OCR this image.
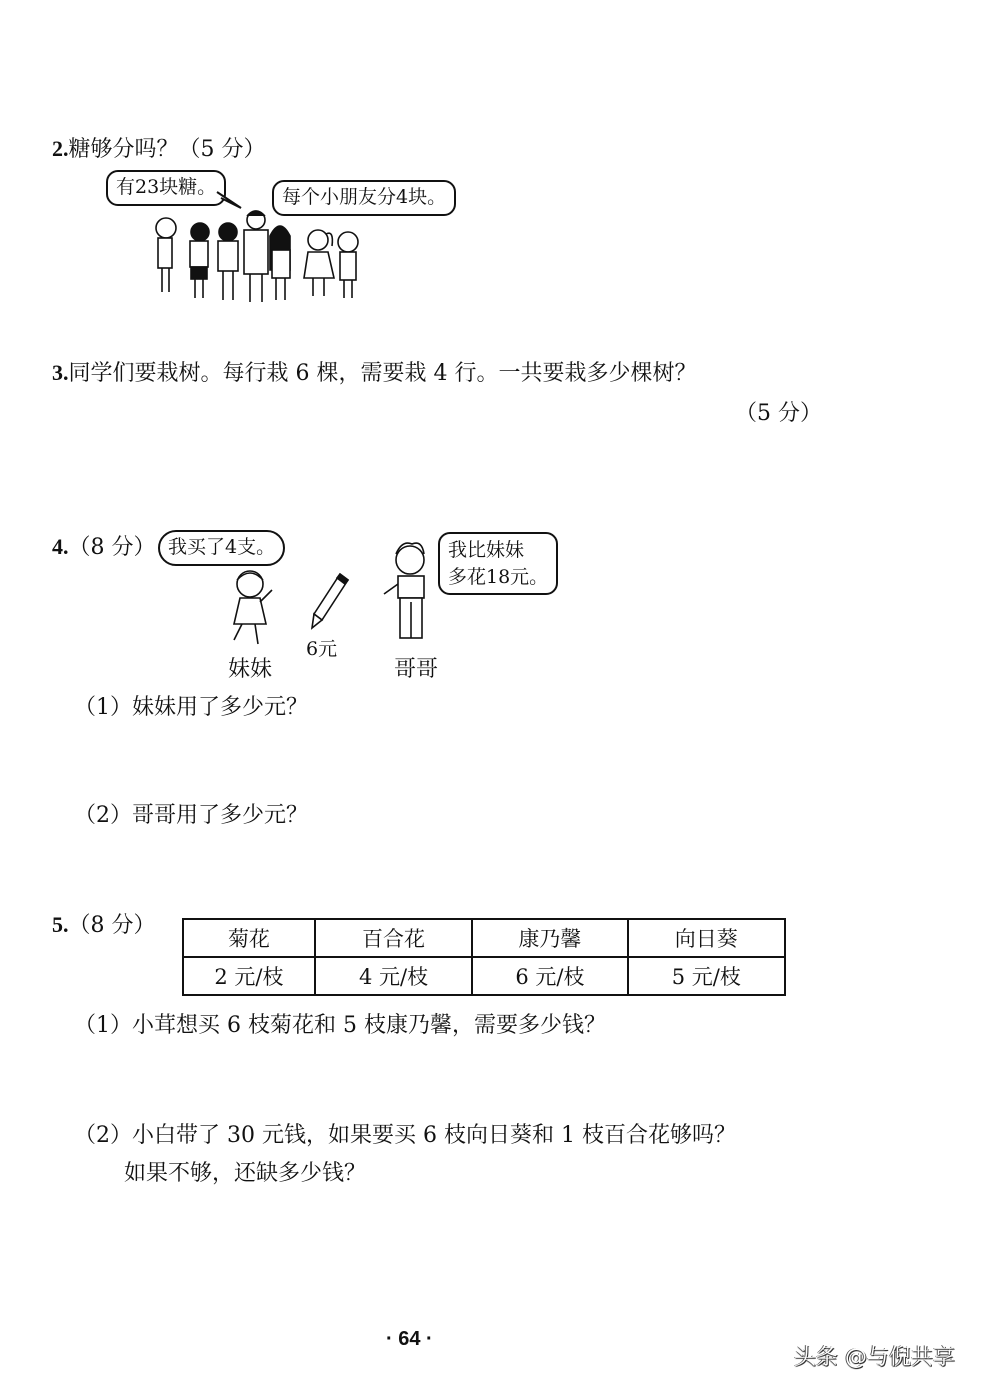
2.糖够分吗？（5 分）
有23块糖。	每个小朋友分4块。
3.同学们要栽树。每行栽 6 棵，需要栽 4 行。一共要栽多少棵树？
（5 分）
4.（8 分） 我买了4支。	我比妹妹
多花18元。
6元
妹妹	哥哥
（1）妹妹用了多少元？
（2）哥哥用了多少元？
5.（8 分）
菊花	百合花	康乃馨	向日葵
2 元/枝	4 元/枝	6 元/枝	5 元/枝
（1）小茸想买 6 枝菊花和 5 枝康乃馨，需要多少钱？
（2）小白带了 30 元钱，如果要买 6 枝向日葵和 1 枝百合花够吗？
如果不够，还缺多少钱？
· 64 ·
头条 @与倪共享
